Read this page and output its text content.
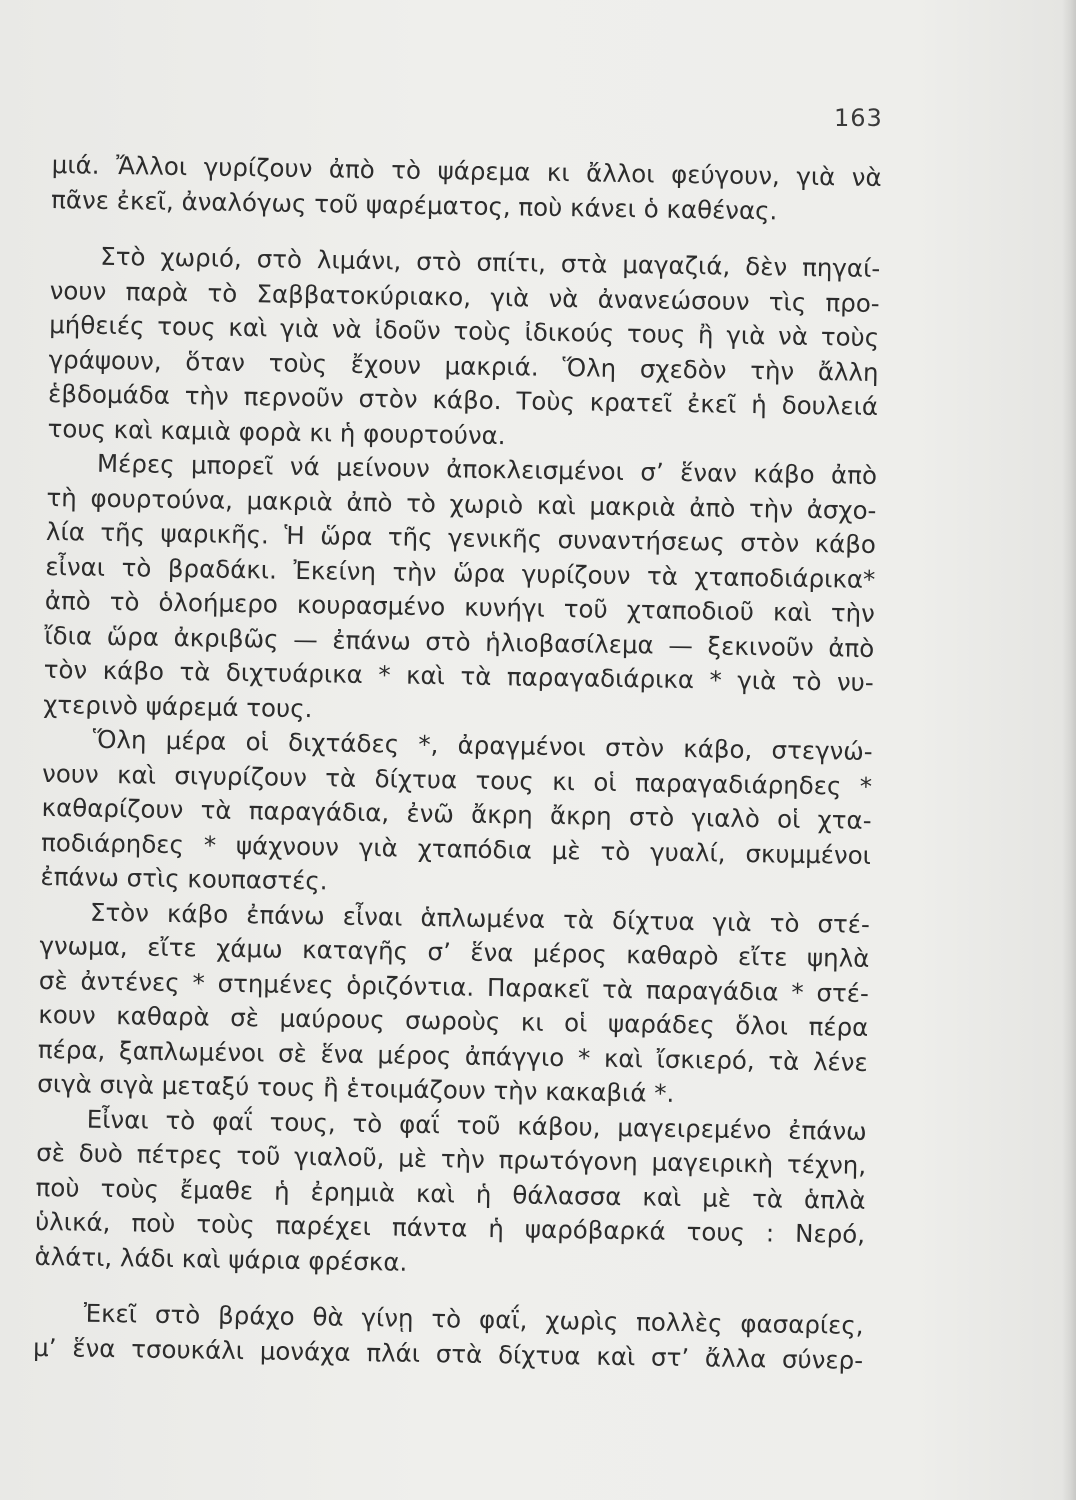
163

μιά. Ἄλλοι γυρίζουν ἀπὸ τὸ ψάρεμα κι ἄλλοι φεύγουν, γιὰ νὰ
πᾶνε ἐκεῖ, ἀναλόγως τοῦ ψαρέματος, ποὺ κάνει ὁ καθένας.

Στὸ χωριό, στὸ λιμάνι, στὸ σπίτι, στὰ μαγαζιά, δὲν πηγαί-
νουν παρὰ τὸ Σαββατοκύριακο, γιὰ νὰ ἀνανεώσουν τὶς προ-
μήθειές τους καὶ γιὰ νὰ ἰδοῦν τοὺς ἰδικούς τους ἢ γιὰ νὰ τοὺς
γράψουν, ὅταν τοὺς ἔχουν μακριά. Ὅλη σχεδὸν τὴν ἄλλη
ἑβδομάδα τὴν περνοῦν στὸν κάβο. Τοὺς κρατεῖ ἐκεῖ ἡ δουλειά
τους καὶ καμιὰ φορὰ κι ἡ φουρτούνα.

Μέρες μπορεῖ νά μείνουν ἀποκλεισμένοι σ’ ἕναν κάβο ἀπὸ
τὴ φουρτούνα, μακριὰ ἀπὸ τὸ χωριὸ καὶ μακριὰ ἀπὸ τὴν ἀσχο-
λία τῆς ψαρικῆς. Ἡ ὥρα τῆς γενικῆς συναντήσεως στὸν κάβο
εἶναι τὸ βραδάκι. Ἐκείνη τὴν ὥρα γυρίζουν τὰ χταποδιάρικα*
ἀπὸ τὸ ὁλοήμερο κουρασμένο κυνήγι τοῦ χταποδιοῦ καὶ τὴν
ἴδια ὥρα ἀκριβῶς — ἐπάνω στὸ ἡλιοβασίλεμα — ξεκινοῦν ἀπὸ
τὸν κάβο τὰ διχτυάρικα * καὶ τὰ παραγαδιάρικα * γιὰ τὸ νυ-
χτερινὸ ψάρεμά τους.

Ὅλη μέρα οἱ διχτάδες *, ἀραγμένοι στὸν κάβο, στεγνώ-
νουν καὶ σιγυρίζουν τὰ δίχτυα τους κι οἱ παραγαδιάρηδες *
καθαρίζουν τὰ παραγάδια, ἐνῶ ἄκρη ἄκρη στὸ γιαλὸ οἱ χτα-
ποδιάρηδες * ψάχνουν γιὰ χταπόδια μὲ τὸ γυαλί, σκυμμένοι
ἐπάνω στὶς κουπαστές.

Στὸν κάβο ἐπάνω εἶναι ἁπλωμένα τὰ δίχτυα γιὰ τὸ στέ-
γνωμα, εἴτε χάμω καταγῆς σ’ ἕνα μέρος καθαρὸ εἴτε ψηλὰ
σὲ ἀντένες * στημένες ὁριζόντια. Παρακεῖ τὰ παραγάδια * στέ-
κουν καθαρὰ σὲ μαύρους σωροὺς κι οἱ ψαράδες ὅλοι πέρα
πέρα, ξαπλωμένοι σὲ ἕνα μέρος ἀπάγγιο * καὶ ἴσκιερό, τὰ λένε
σιγὰ σιγὰ μεταξύ τους ἢ ἑτοιμάζουν τὴν κακαβιά *.

Εἶναι τὸ φαΐ τους, τὸ φαΐ τοῦ κάβου, μαγειρεμένο ἐπάνω
σὲ δυὸ πέτρες τοῦ γιαλοῦ, μὲ τὴν πρωτόγονη μαγειρικὴ τέχνη,
ποὺ τοὺς ἔμαθε ἡ ἐρημιὰ καὶ ἡ θάλασσα καὶ μὲ τὰ ἁπλὰ
ὑλικά, ποὺ τοὺς παρέχει πάντα ἡ ψαρόβαρκά τους : Νερό,
ἁλάτι, λάδι καὶ ψάρια φρέσκα.

Ἐκεῖ στὸ βράχο θὰ γίνῃ τὸ φαΐ, χωρὶς πολλὲς φασαρίες,
μ’ ἕνα τσουκάλι μονάχα πλάι στὰ δίχτυα καὶ στ’ ἄλλα σύνερ-
